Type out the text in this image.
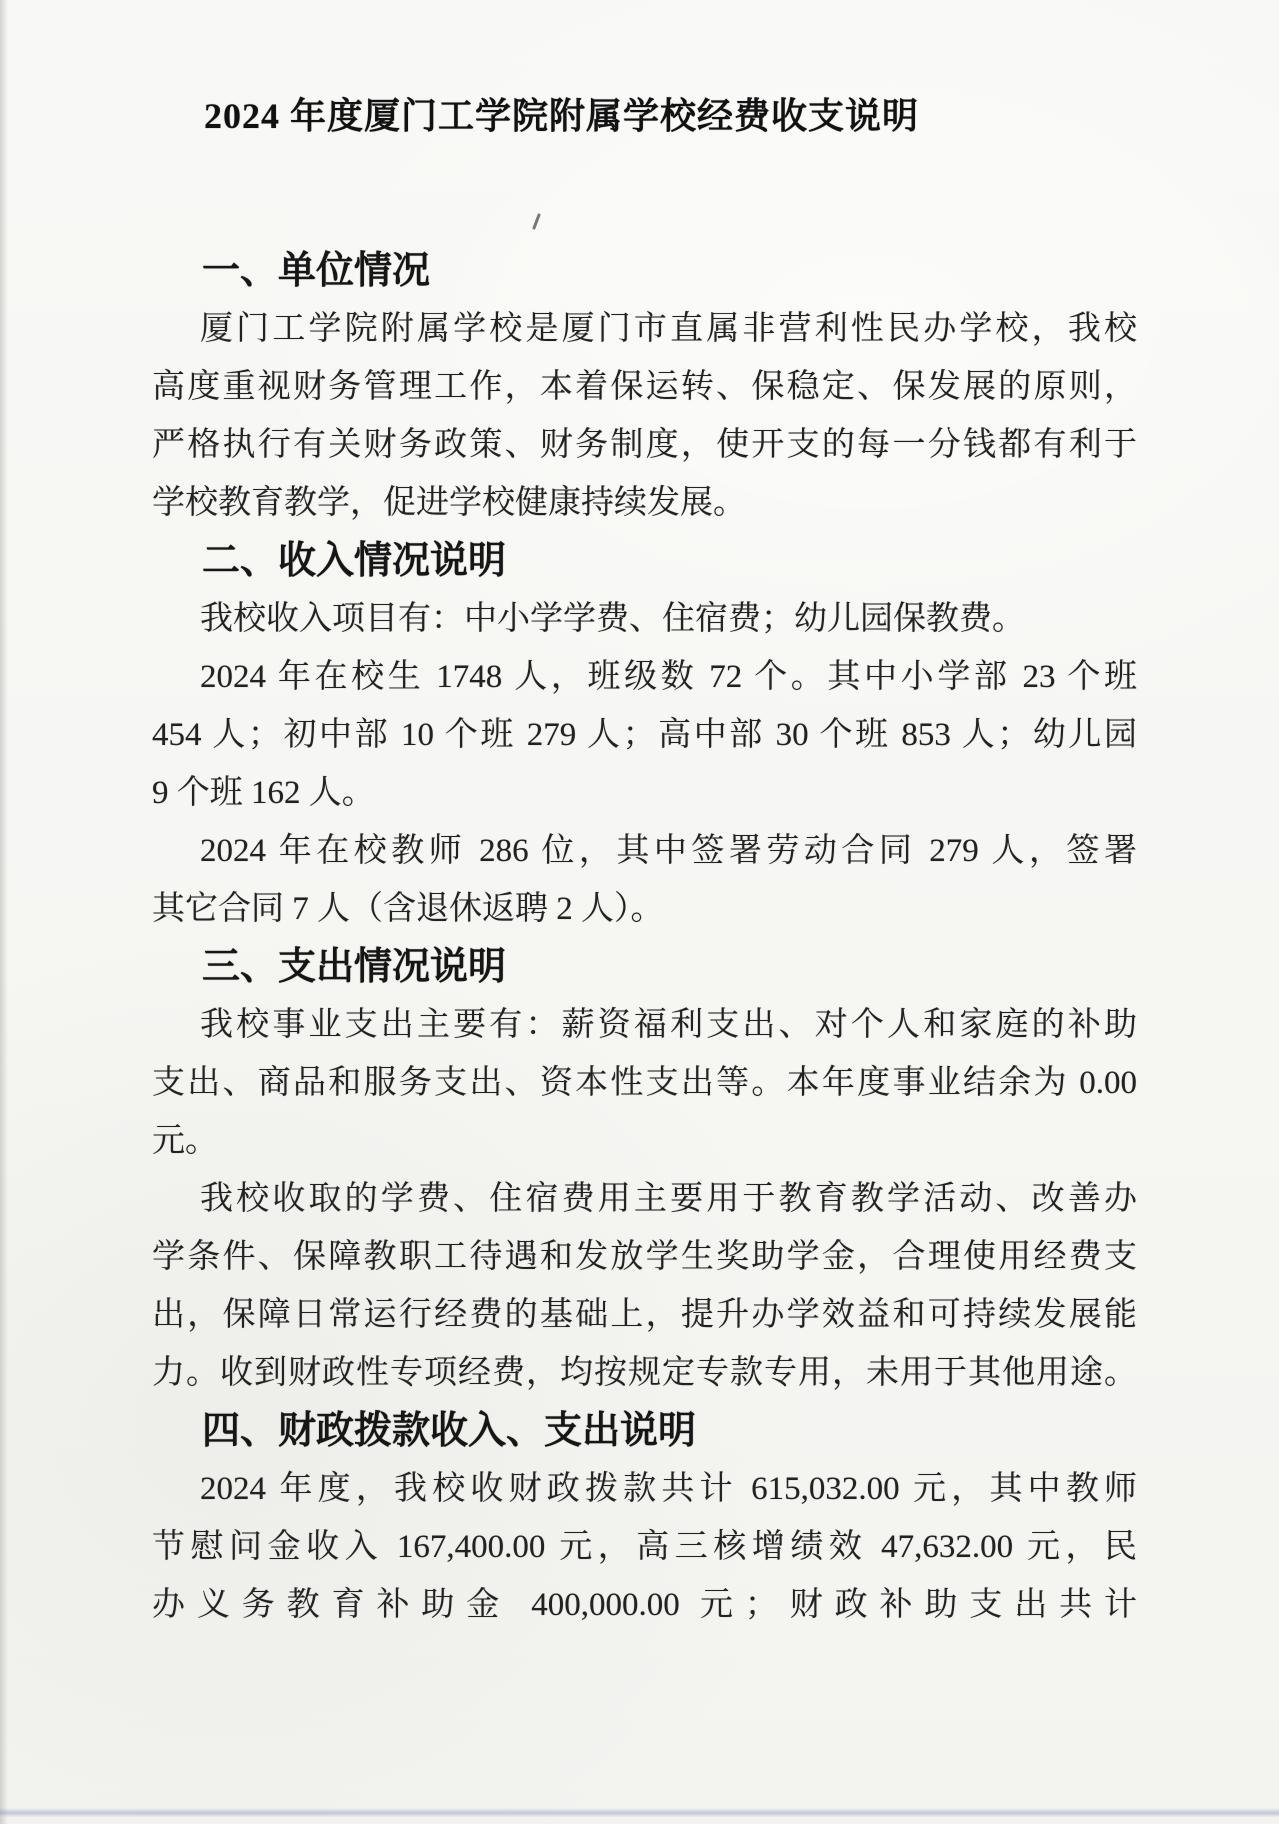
2024 年度厦门工学院附属学校经费收支说明
一、单位情况
厦门工学院附属学校是厦门市直属非营利性民办学校，我校
高度重视财务管理工作，本着保运转、保稳定、保发展的原则，
严格执行有关财务政策、财务制度，使开支的每一分钱都有利于
学校教育教学，促进学校健康持续发展。
二、收入情况说明
我校收入项目有：中小学学费、住宿费；幼儿园保教费。
2024 年在校生 1748 人，班级数 72 个。其中小学部 23 个班
454 人；初中部 10 个班 279 人；高中部 30 个班 853 人；幼儿园
9 个班 162 人。
2024 年在校教师 286 位，其中签署劳动合同 279 人，签署
其它合同 7 人（含退休返聘 2 人）。
三、支出情况说明
我校事业支出主要有：薪资福利支出、对个人和家庭的补助
支出、商品和服务支出、资本性支出等。本年度事业结余为 0.00
元。
我校收取的学费、住宿费用主要用于教育教学活动、改善办
学条件、保障教职工待遇和发放学生奖助学金，合理使用经费支
出，保障日常运行经费的基础上，提升办学效益和可持续发展能
力。收到财政性专项经费，均按规定专款专用，未用于其他用途。
四、财政拨款收入、支出说明
2024 年度，我校收财政拨款共计 615,032.00 元，其中教师
节慰问金收入 167,400.00 元，高三核增绩效 47,632.00 元，民
办义务教育补助金 400,000.00 元；财政补助支出共计
